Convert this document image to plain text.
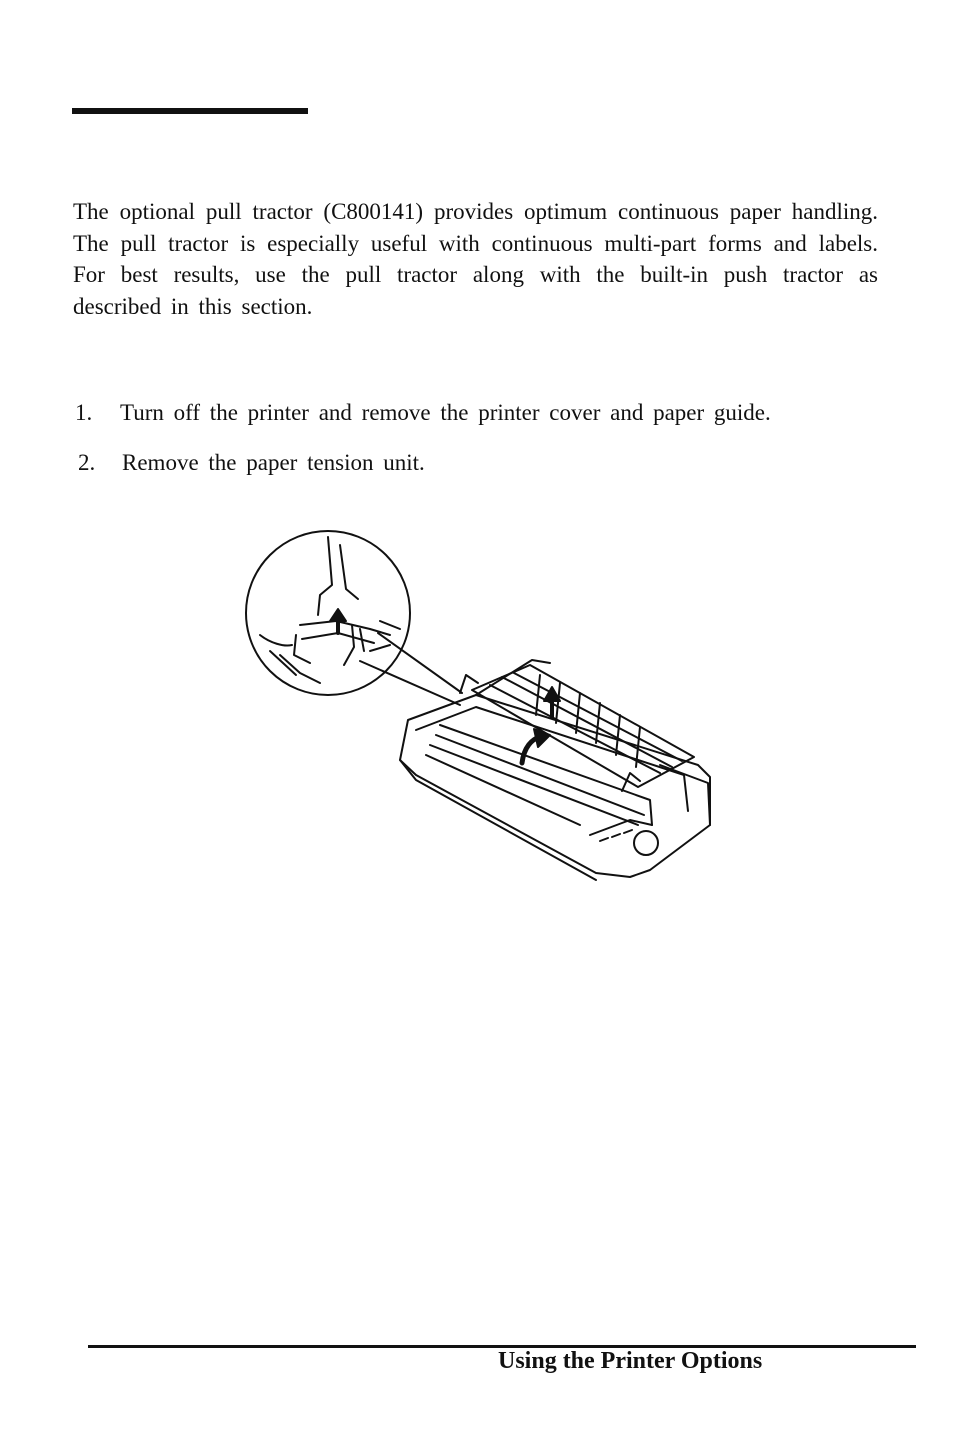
The optional pull tractor (C800141) provides optimum continuous paper handling. The pull tractor is especially useful with continuous multi-part forms and labels. For best results, use the pull tractor along with the built-in push tractor as described in this section.

1. Turn off the printer and remove the printer cover and paper guide.
2. Remove the paper tension unit.
Using the Printer Options
